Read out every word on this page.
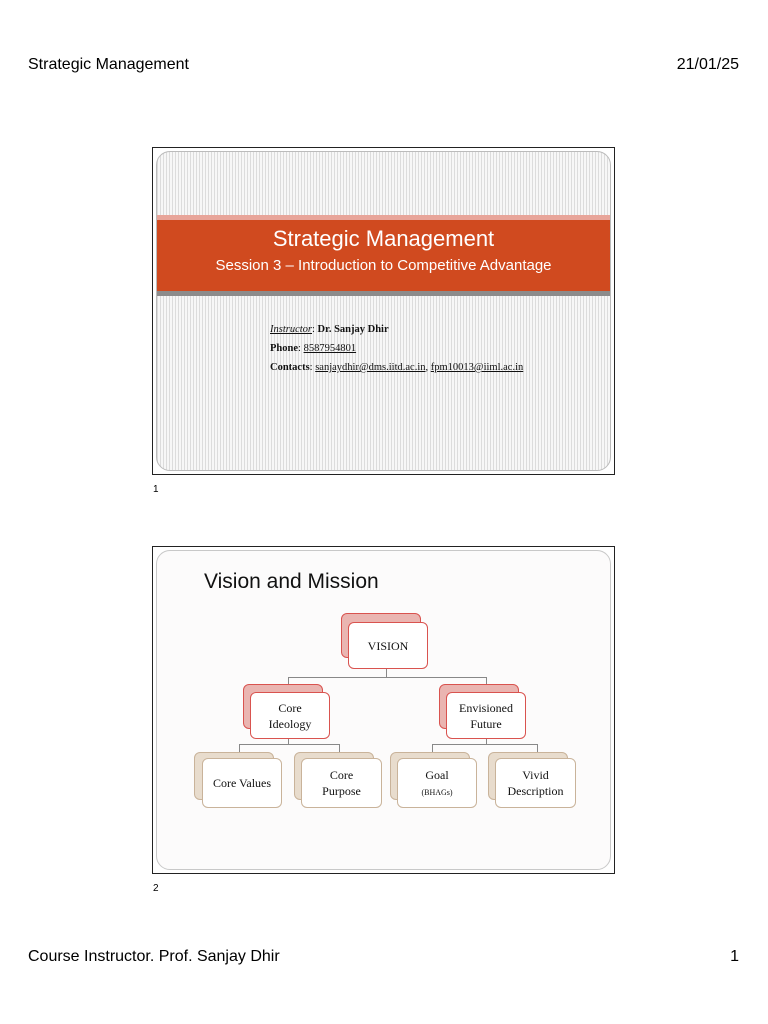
Strategic Management	21/01/25
Strategic Management
Session 3 – Introduction to Competitive Advantage
Instructor: Dr. Sanjay Dhir
Phone: 8587954801
Contacts: sanjaydhir@dms.iitd.ac.in, fpm10013@iiml.ac.in
1
Vision and Mission
VISION
Core
Ideology
Envisioned
Future
Core Values
Core
Purpose
Goal
(BHAGs)
Vivid
Description
2
Course Instructor. Prof. Sanjay Dhir	1
